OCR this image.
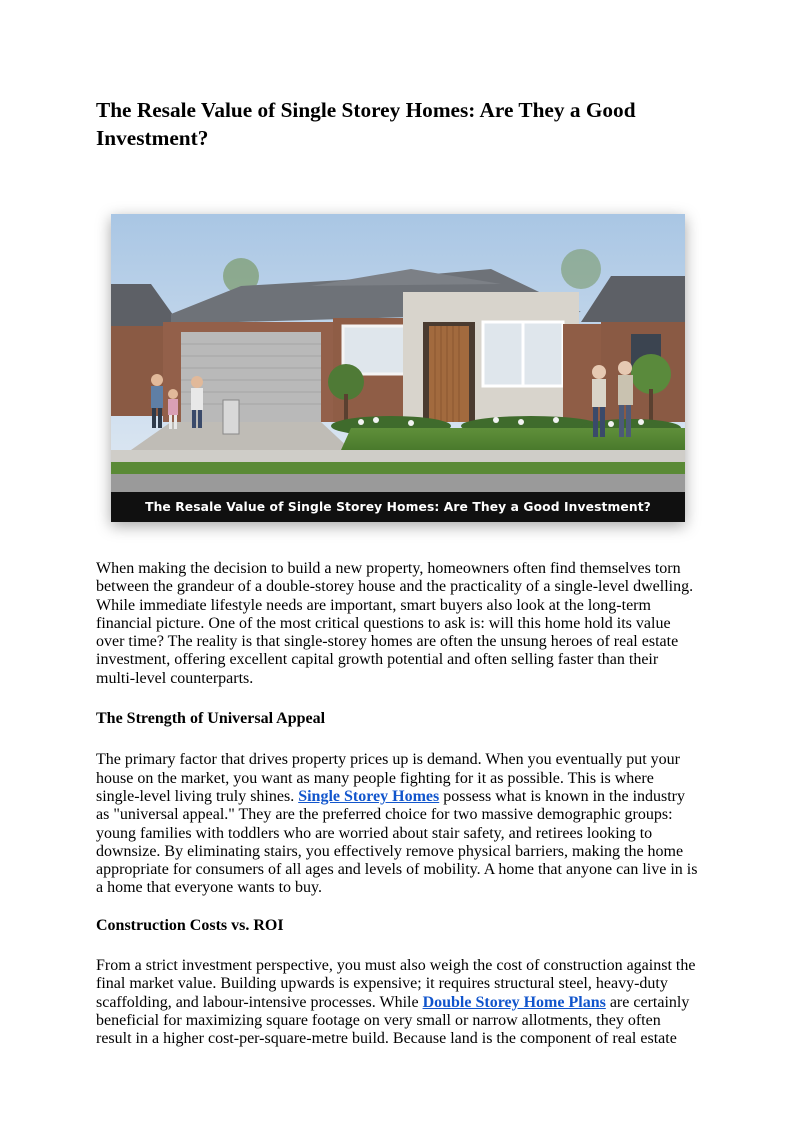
The Resale Value of Single Storey Homes: Are They a Good Investment?
The Resale Value of Single Storey Homes: Are They a Good Investment?

When making the decision to build a new property, homeowners often find themselves torn between the grandeur of a double-storey house and the practicality of a single-level dwelling. While immediate lifestyle needs are important, smart buyers also look at the long-term financial picture. One of the most critical questions to ask is: will this home hold its value over time? The reality is that single-storey homes are often the unsung heroes of real estate investment, offering excellent capital growth potential and often selling faster than their multi-level counterparts.

The Strength of Universal Appeal

The primary factor that drives property prices up is demand. When you eventually put your house on the market, you want as many people fighting for it as possible. This is where single-level living truly shines. Single Storey Homes possess what is known in the industry as "universal appeal." They are the preferred choice for two massive demographic groups: young families with toddlers who are worried about stair safety, and retirees looking to downsize. By eliminating stairs, you effectively remove physical barriers, making the home appropriate for consumers of all ages and levels of mobility. A home that anyone can live in is a home that everyone wants to buy.

Construction Costs vs. ROI

From a strict investment perspective, you must also weigh the cost of construction against the final market value. Building upwards is expensive; it requires structural steel, heavy-duty scaffolding, and labour-intensive processes. While Double Storey Home Plans are certainly beneficial for maximizing square footage on very small or narrow allotments, they often result in a higher cost-per-square-metre build. Because land is the component of real estate
